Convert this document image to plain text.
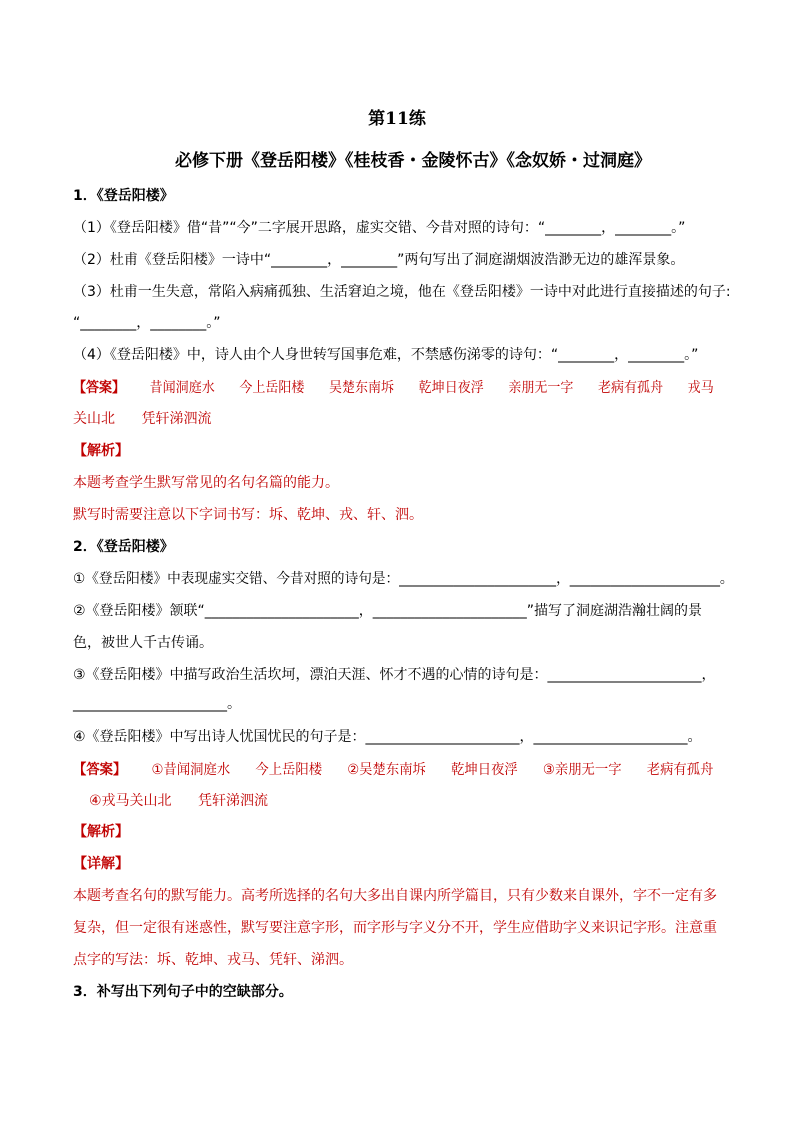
第11练
必修下册《登岳阳楼》《桂枝香・金陵怀古》《念奴娇・过洞庭》
1．《登岳阳楼》
（1）《登岳阳楼》借“昔”“今”二字展开思路，虚实交错、今昔对照的诗句：“________，________。”
（2）杜甫《登岳阳楼》一诗中“________，________”两句写出了洞庭湖烟波浩渺无边的雄浑景象。
（3）杜甫一生失意，常陷入病痛孤独、生活窘迫之境，他在《登岳阳楼》一诗中对此进行直接描述的句子:
“________，________。”
（4）《登岳阳楼》中，诗人由个人身世转写国事危难，不禁感伤涕零的诗句：“________，________。”
【答案】 昔闻洞庭水 今上岳阳楼 吴楚东南坼 乾坤日夜浮 亲朋无一字 老病有孤舟 戎马
关山北 凭轩涕泗流
【解析】
本题考查学生默写常见的名句名篇的能力。
默写时需要注意以下字词书写：坼、乾坤、戎、轩、泗。
2．《登岳阳楼》
①《登岳阳楼》中表现虚实交错、今昔对照的诗句是：_______________________，______________________。
②《登岳阳楼》颔联“______________________，______________________”描写了洞庭湖浩瀚壮阔的景
色，被世人千古传诵。
③《登岳阳楼》中描写政治生活坎坷，漂泊天涯、怀才不遇的心情的诗句是：______________________，
______________________。
④《登岳阳楼》中写出诗人忧国忧民的句子是：______________________，______________________。
【答案】 ①昔闻洞庭水 今上岳阳楼 ②吴楚东南坼 乾坤日夜浮 ③亲朋无一字 老病有孤舟
④戎马关山北 凭轩涕泗流
【解析】
【详解】
本题考查名句的默写能力。高考所选择的名句大多出自课内所学篇目，只有少数来自课外，字不一定有多
复杂，但一定很有迷惑性，默写要注意字形，而字形与字义分不开，学生应借助字义来识记字形。注意重
点字的写法：坼、乾坤、戎马、凭轩、涕泗。
3．补写出下列句子中的空缺部分。
